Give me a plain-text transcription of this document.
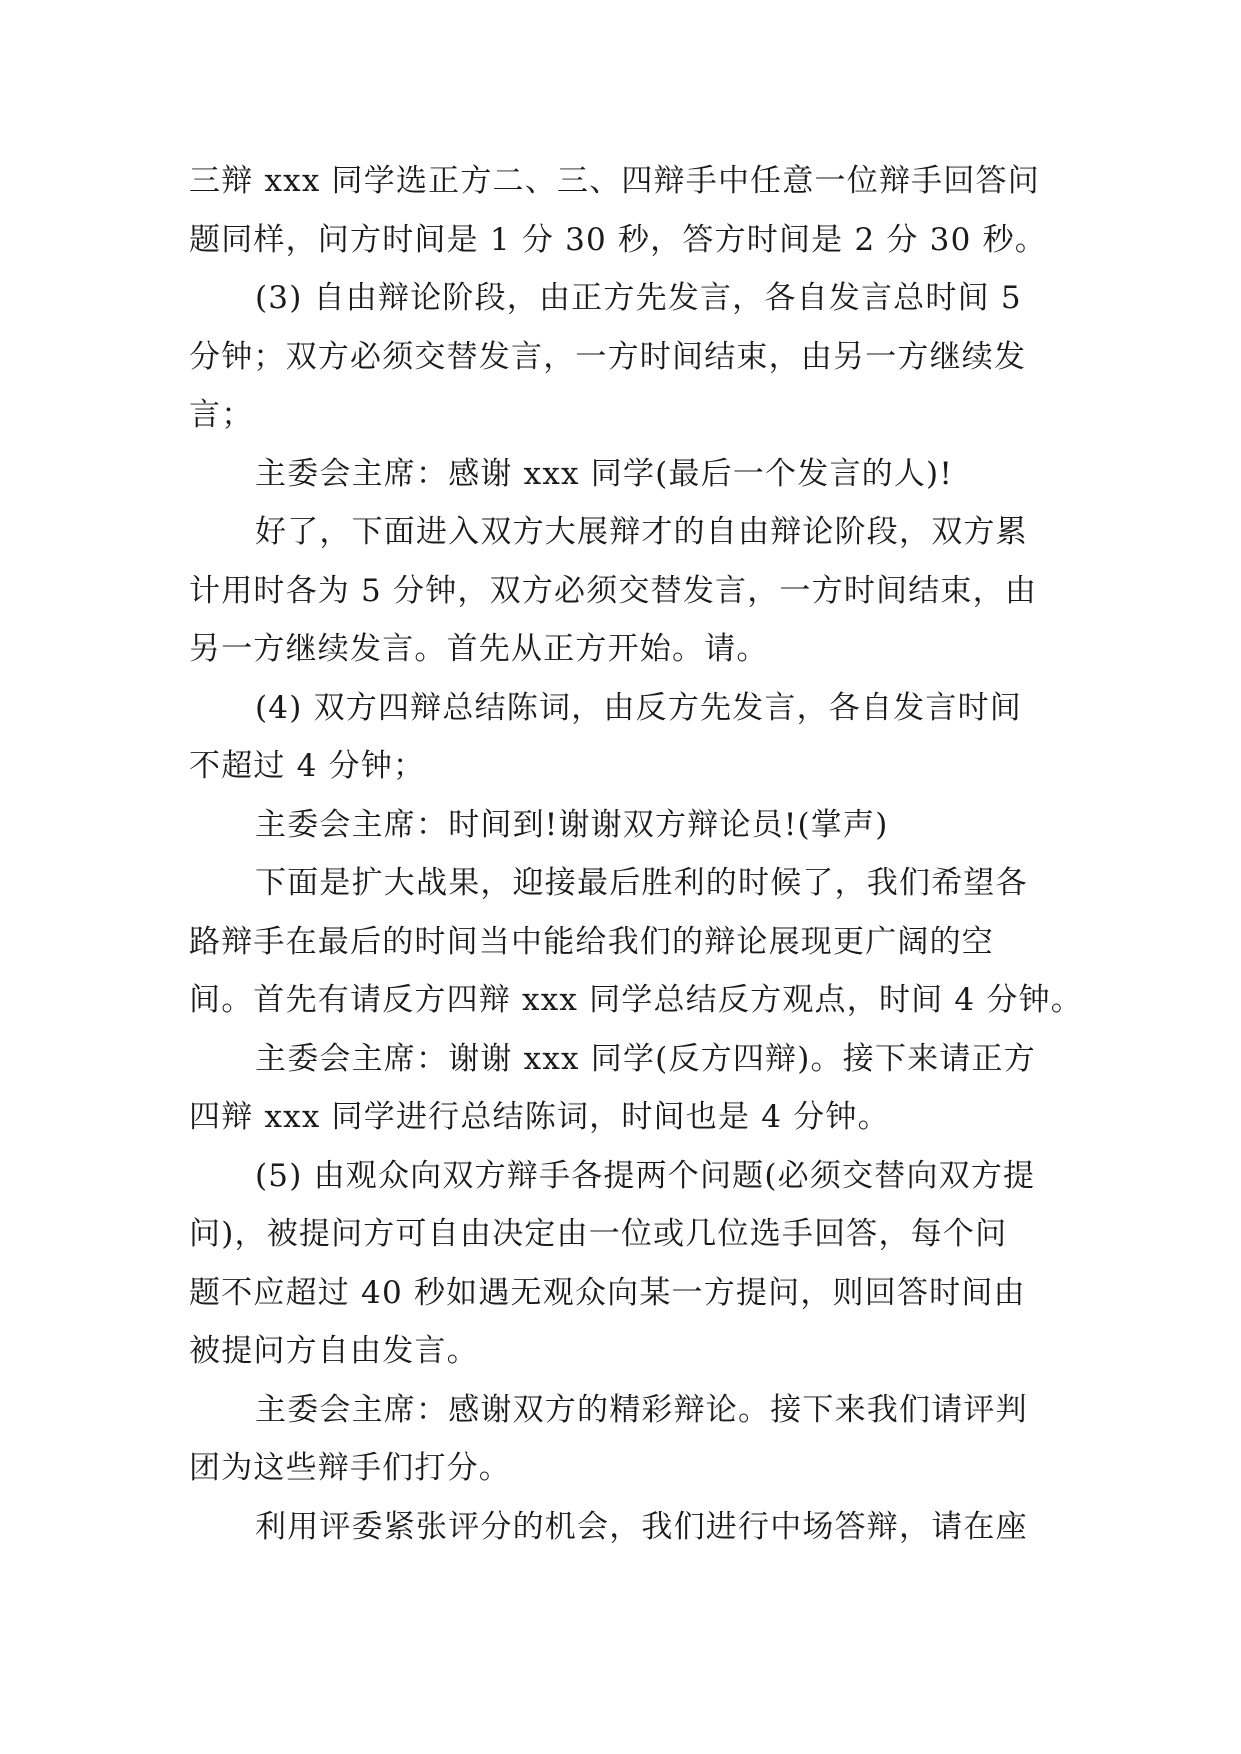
三辩 xxx 同学选正方二、三、四辩手中任意一位辩手回答问
题同样，问方时间是 1 分 30 秒，答方时间是 2 分 30 秒。

(3) 自由辩论阶段，由正方先发言，各自发言总时间 5
分钟；双方必须交替发言，一方时间结束，由另一方继续发
言；

主委会主席：感谢 xxx 同学(最后一个发言的人)!

好了，下面进入双方大展辩才的自由辩论阶段，双方累
计用时各为 5 分钟，双方必须交替发言，一方时间结束，由
另一方继续发言。首先从正方开始。请。

(4) 双方四辩总结陈词，由反方先发言，各自发言时间
不超过 4 分钟；

主委会主席：时间到!谢谢双方辩论员!(掌声)

下面是扩大战果，迎接最后胜利的时候了，我们希望各
路辩手在最后的时间当中能给我们的辩论展现更广阔的空
间。首先有请反方四辩 xxx 同学总结反方观点，时间 4 分钟。

主委会主席：谢谢 xxx 同学(反方四辩)。接下来请正方
四辩 xxx 同学进行总结陈词，时间也是 4 分钟。

(5) 由观众向双方辩手各提两个问题(必须交替向双方提
问)，被提问方可自由决定由一位或几位选手回答，每个问
题不应超过 40 秒如遇无观众向某一方提问，则回答时间由
被提问方自由发言。

主委会主席：感谢双方的精彩辩论。接下来我们请评判
团为这些辩手们打分。

利用评委紧张评分的机会，我们进行中场答辩，请在座
